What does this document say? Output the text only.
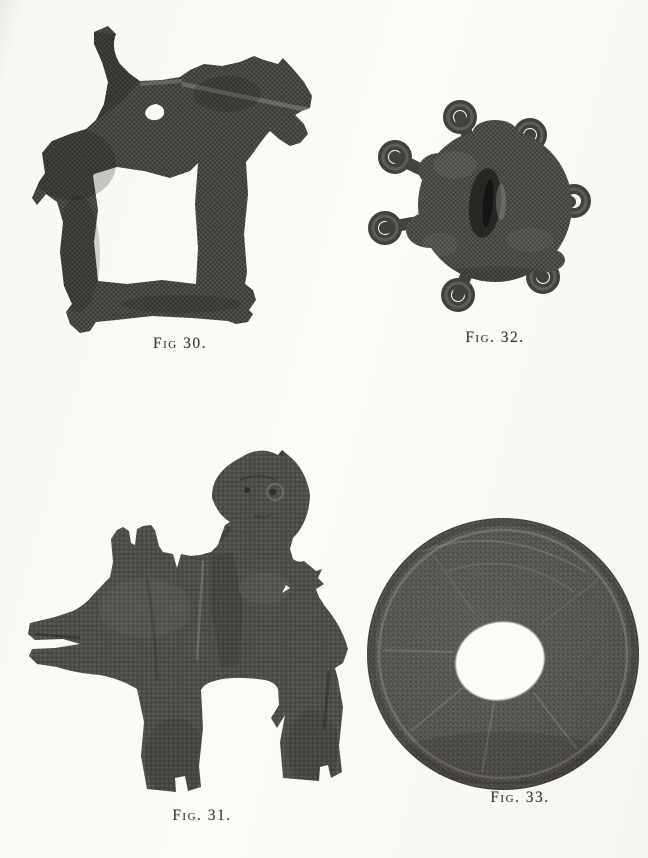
Fig 30.	Fig. 32.
Fig. 31.
Fig. 33.
